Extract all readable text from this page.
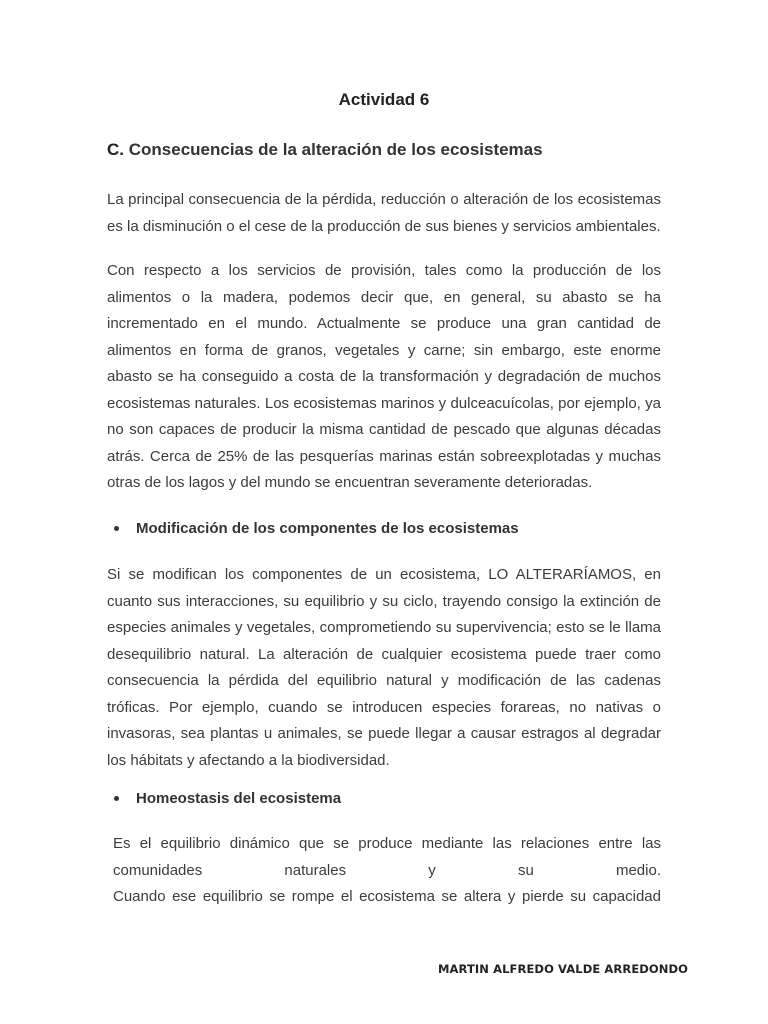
Actividad 6
C. Consecuencias de la alteración de los ecosistemas

La principal consecuencia de la pérdida, reducción o alteración de los ecosistemas es la disminución o el cese de la producción de sus bienes y servicios ambientales.

Con respecto a los servicios de provisión, tales como la producción de los alimentos o la madera, podemos decir que, en general, su abasto se ha incrementado en el mundo. Actualmente se produce una gran cantidad de alimentos en forma de granos, vegetales y carne; sin embargo, este enorme abasto se ha conseguido a costa de la transformación y degradación de muchos ecosistemas naturales. Los ecosistemas marinos y dulceacuícolas, por ejemplo, ya no son capaces de producir la misma cantidad de pescado que algunas décadas atrás. Cerca de 25% de las pesquerías marinas están sobreexplotadas y muchas otras de los lagos y del mundo se encuentran severamente deterioradas.

Modificación de los componentes de los ecosistemas

Si se modifican los componentes de un ecosistema, LO ALTERARÍAMOS, en cuanto sus interacciones, su equilibrio y su ciclo, trayendo consigo la extinción de especies animales y vegetales, comprometiendo su supervivencia; esto se le llama desequilibrio natural. La alteración de cualquier ecosistema puede traer como consecuencia la pérdida del equilibrio natural y modificación de las cadenas tróficas. Por ejemplo, cuando se introducen especies forareas, no nativas o invasoras, sea plantas u animales, se puede llegar a causar estragos al degradar los hábitats y afectando a la biodiversidad.

Homeostasis del ecosistema
Es el equilibrio dinámico que se produce mediante las relaciones entre las
comunidades naturales y su medio.
Cuando ese equilibrio se rompe el ecosistema se altera y pierde su capacidad
MARTIN ALFREDO VALDE ARREDONDO
